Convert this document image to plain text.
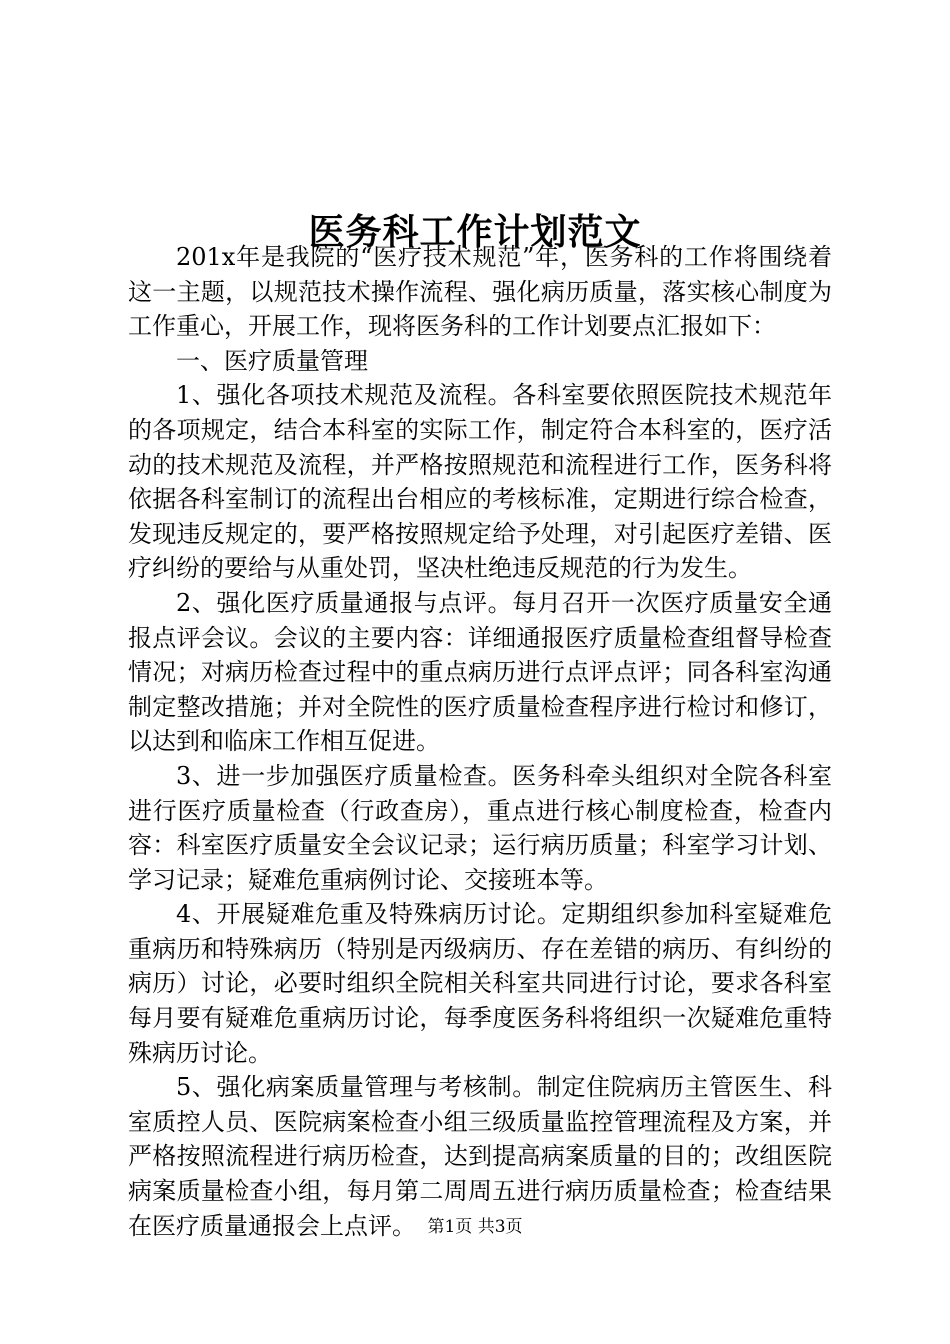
医务科工作计划范文

201x年是我院的“医疗技术规范”年，医务科的工作将围绕着这一主题，以规范技术操作流程、强化病历质量，落实核心制度为工作重心，开展工作，现将医务科的工作计划要点汇报如下：

一、医疗质量管理

1、强化各项技术规范及流程。各科室要依照医院技术规范年的各项规定，结合本科室的实际工作，制定符合本科室的，医疗活动的技术规范及流程，并严格按照规范和流程进行工作，医务科将依据各科室制订的流程出台相应的考核标准，定期进行综合检查，发现违反规定的，要严格按照规定给予处理，对引起医疗差错、医疗纠纷的要给与从重处罚，坚决杜绝违反规范的行为发生。

2、强化医疗质量通报与点评。每月召开一次医疗质量安全通报点评会议。会议的主要内容：详细通报医疗质量检查组督导检查情况；对病历检查过程中的重点病历进行点评点评；同各科室沟通制定整改措施；并对全院性的医疗质量检查程序进行检讨和修订，以达到和临床工作相互促进。

3、进一步加强医疗质量检查。医务科牵头组织对全院各科室进行医疗质量检查（行政查房），重点进行核心制度检查，检查内容：科室医疗质量安全会议记录；运行病历质量；科室学习计划、学习记录；疑难危重病例讨论、交接班本等。

4、开展疑难危重及特殊病历讨论。定期组织参加科室疑难危重病历和特殊病历（特别是丙级病历、存在差错的病历、有纠纷的病历）讨论，必要时组织全院相关科室共同进行讨论，要求各科室每月要有疑难危重病历讨论，每季度医务科将组织一次疑难危重特殊病历讨论。

5、强化病案质量管理与考核制。制定住院病历主管医生、科室质控人员、医院病案检查小组三级质量监控管理流程及方案，并严格按照流程进行病历检查，达到提高病案质量的目的；改组医院病案质量检查小组，每月第二周周五进行病历质量检查；检查结果在医疗质量通报会上点评。 第1页 共3页
